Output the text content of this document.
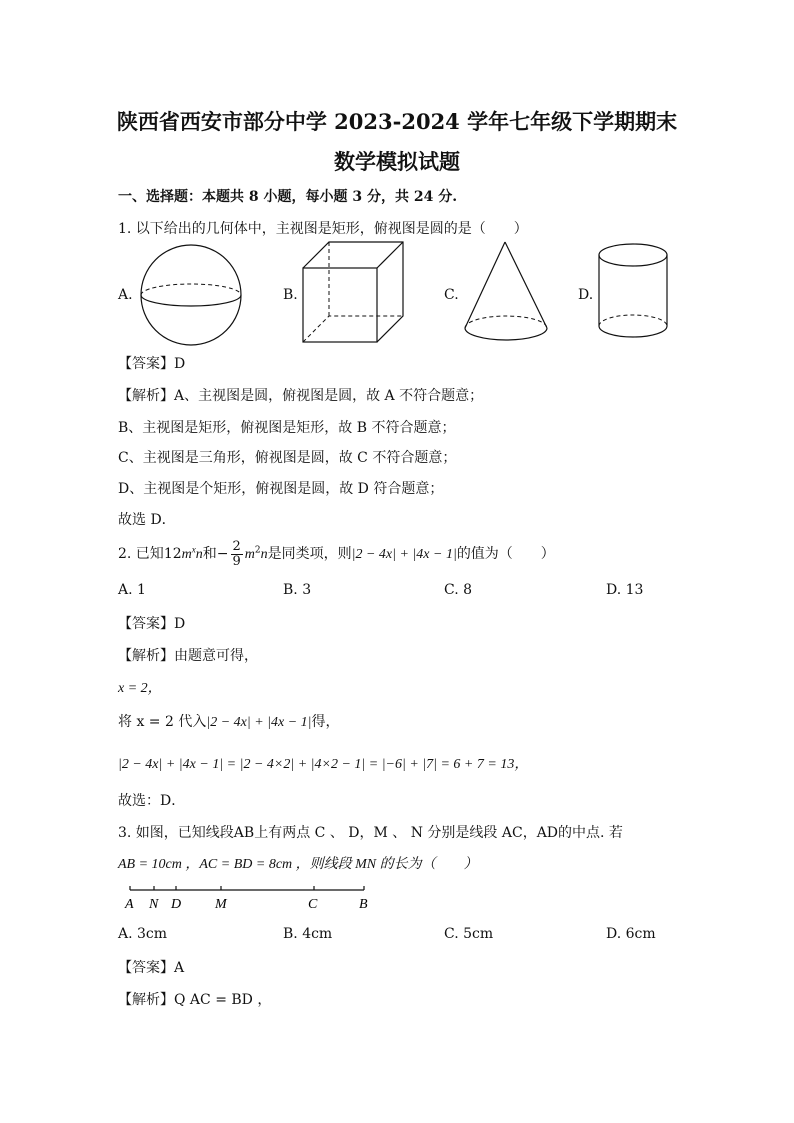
陕西省西安市部分中学 2023-2024 学年七年级下学期期末
数学模拟试题
一、选择题：本题共 8 小题，每小题 3 分，共 24 分.
1. 以下给出的几何体中，主视图是矩形，俯视图是圆的是（　　）
A.	B.	C.	D.
【答案】D
【解析】A、主视图是圆，俯视图是圆，故 A 不符合题意；
B、主视图是矩形，俯视图是矩形，故 B 不符合题意；
C、主视图是三角形，俯视图是圆，故 C 不符合题意；
D、主视图是个矩形，俯视图是圆，故 D 符合题意；
故选 D．
2. 已知$12m^xn$和− $\frac{2}{9} m^2n$是同类项，则|2 − 4x| + |4x − 1|的值为（　　）
A. 1	B. 3	C. 8	D. 13
【答案】D
【解析】由题意可得，
x = 2，
将 x = 2 代入|2 − 4x| + |4x − 1|得，
|2 − 4x| + |4x − 1| = |2 − 4×2| + |4×2 − 1| = |−6| + |7| = 6 + 7 = 13，
故选：D．
3. 如图，已知线段AB上有两点 C 、 D，M 、 N 分别是线段 AC，AD的中点. 若
AB = 10cm ，AC = BD = 8cm ，则线段 MN 的长为（　　）
A N D M	C	B
A. 3cm	B. 4cm	C. 5cm	D. 6cm
【答案】A
【解析】Q AC = BD ，
